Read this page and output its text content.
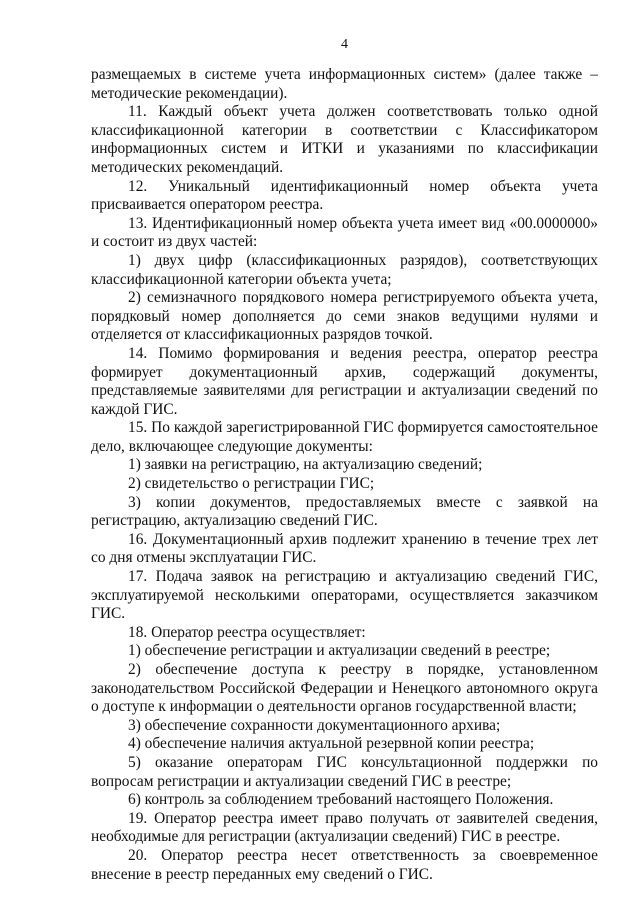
4

размещаемых в системе учета информационных систем» (далее также – методические рекомендации).

11. Каждый объект учета должен соответствовать только одной классификационной категории в соответствии с Классификатором информационных систем и ИТКИ и указаниями по классификации методических рекомендаций.

12. Уникальный идентификационный номер объекта учета присваивается оператором реестра.

13. Идентификационный номер объекта учета имеет вид «00.0000000» и состоит из двух частей:

1) двух цифр (классификационных разрядов), соответствующих классификационной категории объекта учета;

2) семизначного порядкового номера регистрируемого объекта учета, порядковый номер дополняется до семи знаков ведущими нулями и отделяется от классификационных разрядов точкой.

14. Помимо формирования и ведения реестра, оператор реестра формирует документационный архив, содержащий документы, представляемые заявителями для регистрации и актуализации сведений по каждой ГИС.

15. По каждой зарегистрированной ГИС формируется самостоятельное дело, включающее следующие документы:

1) заявки на регистрацию, на актуализацию сведений;

2) свидетельство о регистрации ГИС;

3) копии документов, предоставляемых вместе с заявкой на регистрацию, актуализацию сведений ГИС.

16. Документационный архив подлежит хранению в течение трех лет со дня отмены эксплуатации ГИС.

17. Подача заявок на регистрацию и актуализацию сведений ГИС, эксплуатируемой несколькими операторами, осуществляется заказчиком ГИС.

18. Оператор реестра осуществляет:

1) обеспечение регистрации и актуализации сведений в реестре;

2) обеспечение доступа к реестру в порядке, установленном законодательством Российской Федерации и Ненецкого автономного округа о доступе к информации о деятельности органов государственной власти;

3) обеспечение сохранности документационного архива;

4) обеспечение наличия актуальной резервной копии реестра;

5) оказание операторам ГИС консультационной поддержки по вопросам регистрации и актуализации сведений ГИС в реестре;

6) контроль за соблюдением требований настоящего Положения.

19. Оператор реестра имеет право получать от заявителей сведения, необходимые для регистрации (актуализации сведений) ГИС в реестре.

20. Оператор реестра несет ответственность за своевременное внесение в реестр переданных ему сведений о ГИС.
